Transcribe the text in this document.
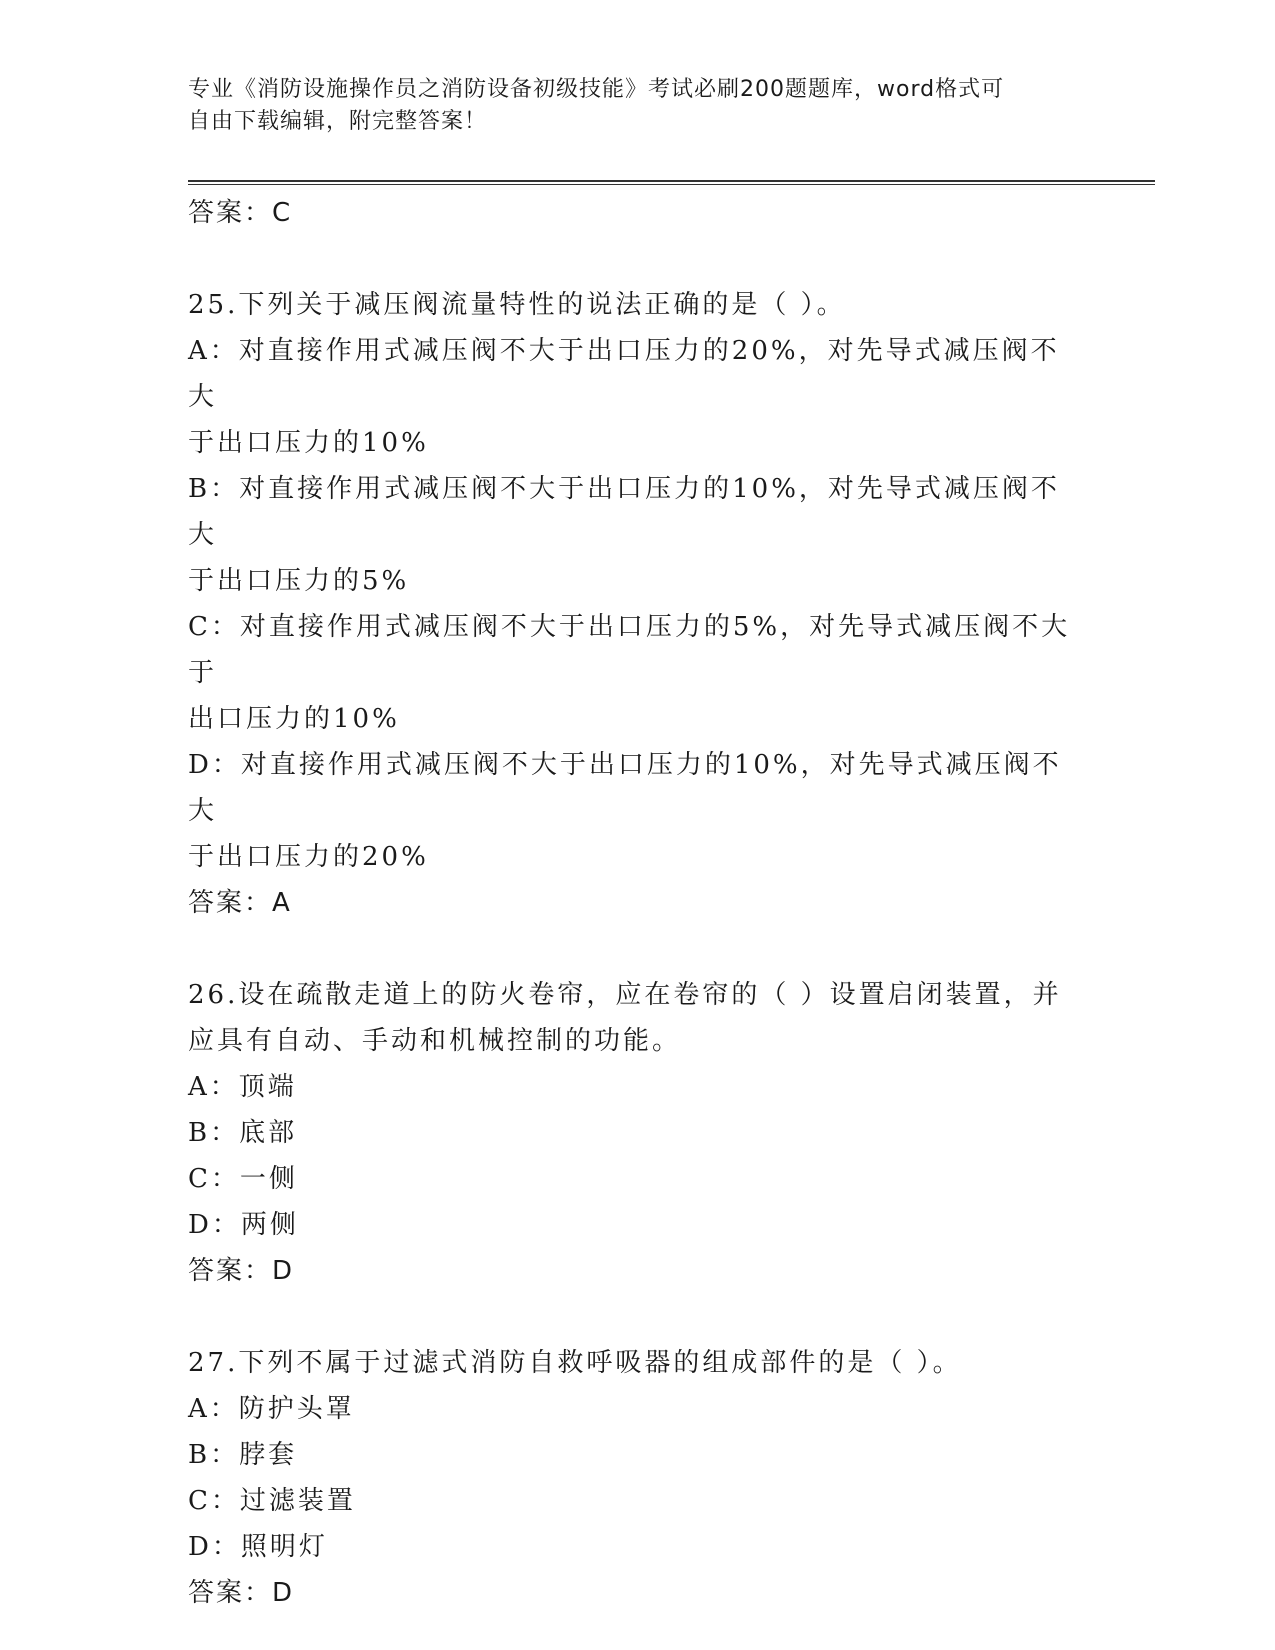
专业《消防设施操作员之消防设备初级技能》考试必刷200题题库，word格式可
自由下载编辑，附完整答案！
答案：C
25.下列关于减压阀流量特性的说法正确的是（ ）。
A：对直接作用式减压阀不大于出口压力的20%，对先导式减压阀不大
于出口压力的10%
B：对直接作用式减压阀不大于出口压力的10%，对先导式减压阀不大
于出口压力的5%
C：对直接作用式减压阀不大于出口压力的5%，对先导式减压阀不大于
出口压力的10%
D：对直接作用式减压阀不大于出口压力的10%，对先导式减压阀不大
于出口压力的20%
答案：A
26.设在疏散走道上的防火卷帘，应在卷帘的（ ）设置启闭装置，并
应具有自动、手动和机械控制的功能。
A：顶端
B：底部
C：一侧
D：两侧
答案：D
27.下列不属于过滤式消防自救呼吸器的组成部件的是（ ）。
A：防护头罩
B：脖套
C：过滤装置
D：照明灯
答案：D
